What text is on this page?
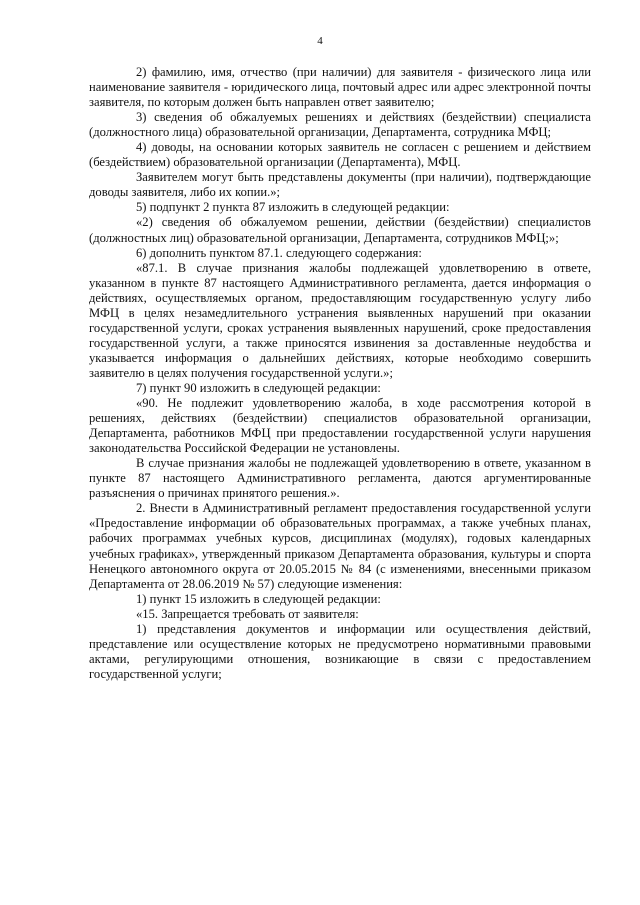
4

2) фамилию, имя, отчество (при наличии) для заявителя - физического лица или наименование заявителя - юридического лица, почтовый адрес или адрес электронной почты заявителя, по которым должен быть направлен ответ заявителю;

3) сведения об обжалуемых решениях и действиях (бездействии) специалиста (должностного лица) образовательной организации, Департамента, сотрудника МФЦ;

4) доводы, на основании которых заявитель не согласен с решением и действием (бездействием) образовательной организации (Департамента), МФЦ.

Заявителем могут быть представлены документы (при наличии), подтверждающие доводы заявителя, либо их копии.»;

5) подпункт 2 пункта 87 изложить в следующей редакции:

«2) сведения об обжалуемом решении, действии (бездействии) специалистов (должностных лиц) образовательной организации, Департамента, сотрудников МФЦ;»;

6) дополнить пунктом 87.1. следующего содержания:

«87.1. В случае признания жалобы подлежащей удовлетворению в ответе, указанном в пункте 87 настоящего Административного регламента, дается информация о действиях, осуществляемых органом, предоставляющим государственную услугу либо МФЦ в целях незамедлительного устранения выявленных нарушений при оказании государственной услуги, сроках устранения выявленных нарушений, сроке предоставления государственной услуги, а также приносятся извинения за доставленные неудобства и указывается информация о дальнейших действиях, которые необходимо совершить заявителю в целях получения государственной услуги.»;

7) пункт 90 изложить в следующей редакции:

«90. Не подлежит удовлетворению жалоба, в ходе рассмотрения которой в решениях, действиях (бездействии) специалистов образовательной организации, Департамента, работников МФЦ при предоставлении государственной услуги нарушения законодательства Российской Федерации не установлены.

В случае признания жалобы не подлежащей удовлетворению в ответе, указанном в пункте 87 настоящего Административного регламента, даются аргументированные разъяснения о причинах принятого решения.».

2. Внести в Административный регламент предоставления государственной услуги «Предоставление информации об образовательных программах, а также учебных планах, рабочих программах учебных курсов, дисциплинах (модулях), годовых календарных учебных графиках», утвержденный приказом Департамента образования, культуры и спорта Ненецкого автономного округа от 20.05.2015 № 84 (с изменениями, внесенными приказом Департамента от 28.06.2019 № 57) следующие изменения:

1) пункт 15 изложить в следующей редакции:

«15. Запрещается требовать от заявителя:

1) представления документов и информации или осуществления действий, представление или осуществление которых не предусмотрено нормативными правовыми актами, регулирующими отношения, возникающие в связи с предоставлением государственной услуги;
